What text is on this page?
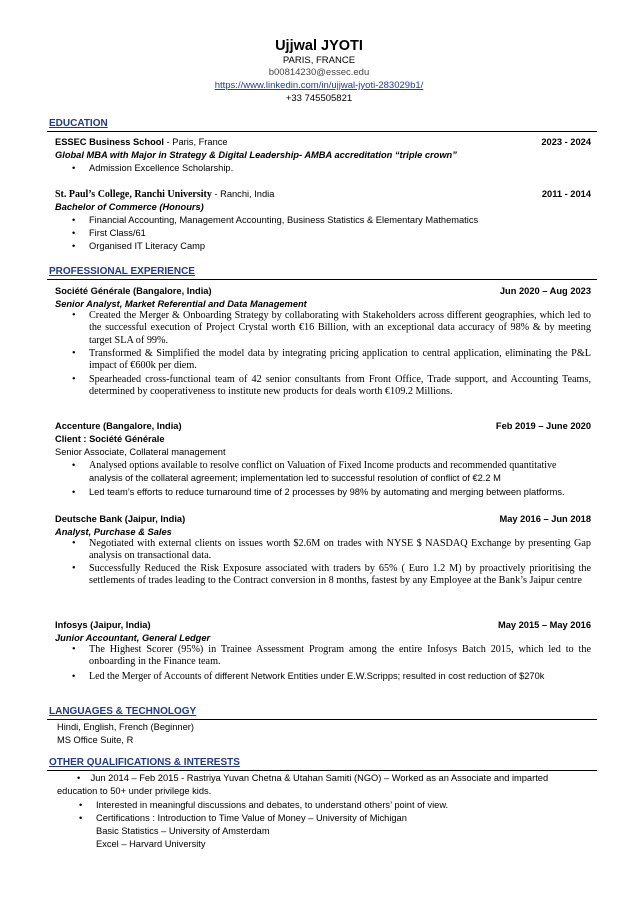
Ujjwal JYOTI
PARIS, FRANCE
b00814230@essec.edu
https://www.linkedin.com/in/ujjwal-jyoti-283029b1/
+33 745505821
EDUCATION
ESSEC Business School - Paris, France	2023 - 2024
Global MBA with Major in Strategy & Digital Leadership- AMBA accreditation “triple crown”
• Admission Excellence Scholarship.
St. Paul’s College, Ranchi University - Ranchi, India	2011 - 2014
Bachelor of Commerce (Honours)
• Financial Accounting, Management Accounting, Business Statistics & Elementary Mathematics
• First Class/61
• Organised IT Literacy Camp
PROFESSIONAL EXPERIENCE
Société Générale (Bangalore, India)	Jun 2020 – Aug 2023
Senior Analyst, Market Referential and Data Management
• Created the Merger & Onboarding Strategy by collaborating with Stakeholders across different geographies, which led to the successful execution of Project Crystal worth €16 Billion, with an exceptional data accuracy of 98% & by meeting target SLA of 99%.
• Transformed & Simplified the model data by integrating pricing application to central application, eliminating the P&L impact of €600k per diem.
• Spearheaded cross-functional team of 42 senior consultants from Front Office, Trade support, and Accounting Teams, determined by cooperativeness to institute new products for deals worth €109.2 Millions.
Accenture (Bangalore, India)	Feb 2019 – June 2020
Client : Société Générale
Senior Associate, Collateral management
• Analysed options available to resolve conflict on Valuation of Fixed Income products and recommended quantitative
analysis of the collateral agreement; implementation led to successful resolution of conflict of €2.2 M
• Led team’s efforts to reduce turnaround time of 2 processes by 98% by automating and merging between platforms.
Deutsche Bank (Jaipur, India)	May 2016 – Jun 2018
Analyst, Purchase & Sales
• Negotiated with external clients on issues worth $2.6M on trades with NYSE $ NASDAQ Exchange by presenting Gap analysis on transactional data.
• Successfully Reduced the Risk Exposure associated with traders by 65% ( Euro 1.2 M) by proactively prioritising the settlements of trades leading to the Contract conversion in 8 months, fastest by any Employee at the Bank’s Jaipur centre
Infosys (Jaipur, India)	May 2015 – May 2016
Junior Accountant, General Ledger
• The Highest Scorer (95%) in Trainee Assessment Program among the entire Infosys Batch 2015, which led to the onboarding in the Finance team.
• Led the Merger of Accounts of different Network Entities under E.W.Scripps; resulted in cost reduction of $270k
LANGUAGES & TECHNOLOGY
Hindi, English, French (Beginner)
MS Office Suite, R
OTHER QUALIFICATIONS & INTERESTS
• Jun 2014 – Feb 2015 - Rastriya Yuvan Chetna & Utahan Samiti (NGO) – Worked as an Associate and imparted
education to 50+ under privilege kids.
• Interested in meaningful discussions and debates, to understand others’ point of view.
• Certifications : Introduction to Time Value of Money – University of Michigan
Basic Statistics – University of Amsterdam
Excel – Harvard University
